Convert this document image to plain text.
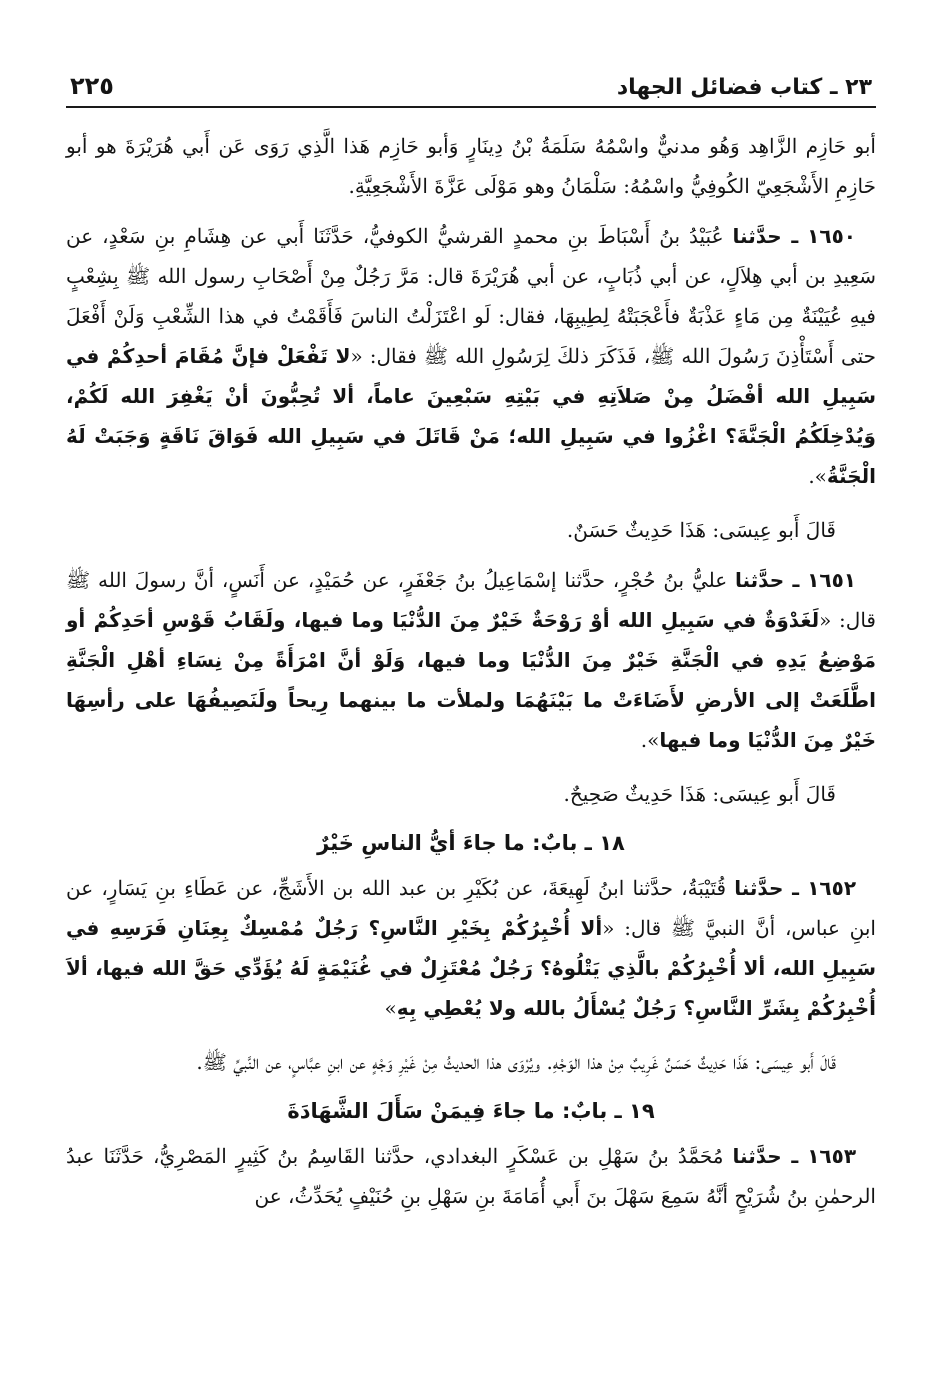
٢٣ ـ كتاب فضائل الجهاد
٢٢٥

أبو حَازِم الزَّاهِد وَهُو مدنيٌّ واسْمُهُ سَلَمَةُ بْنُ دِينَارٍ وَأبو حَازِم هَذا الَّذِي رَوَى عَن أَبي هُرَيْرَةَ هو أبو حَازِمِ الأَشْجَعِيّ الكُوفِيُّ واسْمُهُ: سَلْمَانُ وهو مَوْلَى عَزَّةَ الأَشْجَعِيَّةِ.

١٦٥٠ ـ حدَّثنا عُبَيْدُ بنُ أَسْبَاطَ بنِ محمدٍ القرشيُّ الكوفيُّ، حَدَّثَنَا أَبي عن هِشَامِ بنِ سَعْدٍ، عن سَعِيدِ بن أبي هِلاَلٍ، عن أبي ذُبَابٍ، عن أبي هُرَيْرَةَ قال: مَرَّ رَجُلٌ مِنْ أَصْحَابِ رسول الله ﷺ بِشِعْبٍ فيهِ عُيَيْنَةٌ مِن مَاءٍ عَذْبَةٌ فأَعْجَبَتْهُ لِطِيبِهَا، فقال: لَو اعْتَزَلْتُ الناسَ فَأَقَمْتُ في هذا الشِّعْبِ وَلَنْ أَفْعَلَ حتى أَسْتَأْذِنَ رَسُولَ الله ﷺ، فَذَكَرَ ذلكَ لِرَسُولِ الله ﷺ فقال: «لا تَفْعَلْ فإنَّ مُقَامَ أحدِكُمْ في سَبِيلِ الله أفْضَلُ مِنْ صَلاَتِهِ في بَيْتِهِ سَبْعِينَ عاماً، ألا تُحِبُّونَ أنْ يَغْفِرَ الله لَكُمْ، وَيُدْخِلَكُمُ الْجَنَّةَ؟ اغْزُوا في سَبِيلِ الله؛ مَنْ قَاتَلَ في سَبِيلِ الله فَوَاقَ نَاقَةٍ وَجَبَتْ لَهُ الْجَنَّةُ».

قَالَ أَبو عِيسَى: هَذَا حَدِيثٌ حَسَنٌ.

١٦٥١ ـ حدَّثنا عليُّ بنُ حُجْرٍ، حدَّثنا إسْمَاعِيلُ بنُ جَعْفَرٍ، عن حُمَيْدٍ، عن أَنَسٍ، أنَّ رسولَ الله ﷺ قال: «لَغَدْوَةٌ في سَبِيلِ الله أوْ رَوْحَةٌ خَيْرٌ مِنَ الدُّنْيَا وما فيها، ولَقَابُ قَوْسِ أحَدِكُمْ أو مَوْضِعُ يَدِهِ في الْجَنَّةِ خَيْرٌ مِنَ الدُّنْيَا وما فيها، وَلَوْ أنَّ امْرَأَةً مِنْ نِسَاءِ أهْلِ الْجَنَّةِ اطَّلَعَتْ إلى الأرضِ لأَضَاءَتْ ما بَيْنَهُمَا ولملأت ما بينهما رِيحاً ولَنَصِيفُهَا على رأسِهَا خَيْرٌ مِنَ الدُّنْيَا وما فيها».

قَالَ أَبو عِيسَى: هَذَا حَدِيثٌ صَحِيحٌ.

١٨ ـ بابٌ: ما جاءَ أيُّ الناسِ خَيْرٌ

١٦٥٢ ـ حدَّثنا قُتَيْبَةُ، حدَّثنا ابنُ لَهِيعَةَ، عن بُكَيْرِ بن عبد الله بن الأَشَجِّ، عن عَطَاءِ بنِ يَسَارٍ، عن ابنِ عباس، أنَّ النبيَّ ﷺ قال: «ألا أُخْبِرُكُمْ بِخَيْرِ النَّاسِ؟ رَجُلٌ مُمْسِكٌ بِعِنَانِ فَرَسِهِ في سَبِيلِ الله، ألا أُخْبِرُكُمْ بالَّذِي يَتْلُوهُ؟ رَجُلٌ مُعْتَزِلٌ في غُنَيْمَةٍ لَهُ يُؤَدِّي حَقَّ الله فيها، ألاَ أُخْبِرُكُمْ بِشَرِّ النَّاسِ؟ رَجُلٌ يُسْأَلُ بالله ولا يُعْطِي بِهِ»

قَالَ أَبو عِيسَى: هَذَا حَدِيثٌ حَسَنٌ غَرِيبٌ مِنْ هذا الوَجْهِ. ويُرْوَى هذا الحديثُ مِنْ غَيْرِ وَجْهٍ عن ابنِ عبَّاسٍ، عن النَّبيِّ ﷺ.

١٩ ـ بابٌ: ما جاءَ فِيمَنْ سَأَلَ الشَّهَادَةَ

١٦٥٣ ـ حدَّثنا مُحَمَّدُ بنُ سَهْلِ بن عَسْكَرٍ البغدادي، حدَّثنا القَاسِمُ بنُ كَثِيرٍ المَصْرِيُّ، حَدَّثَنَا عبدُ الرحمٰنِ بنُ شُرَيْحٍ أنَّهُ سَمِعَ سَهْلَ بنَ أَبي أُمَامَةَ بنِ سَهْلِ بنِ حُنَيْفٍ يُحَدِّثُ، عن
